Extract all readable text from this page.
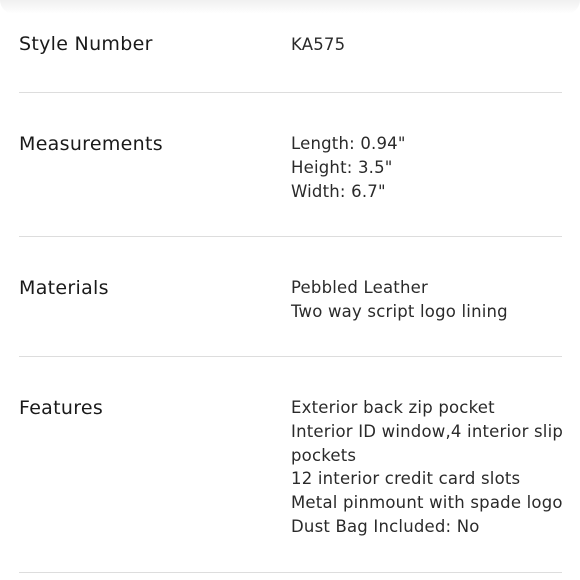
Style Number	KA575
Measurements	Length: 0.94"
Height: 3.5"
Width: 6.7"
Materials	Pebbled Leather
Two way script logo lining
Features	Exterior back zip pocket
Interior ID window,4 interior slip
pockets
12 interior credit card slots
Metal pinmount with spade logo
Dust Bag Included: No
